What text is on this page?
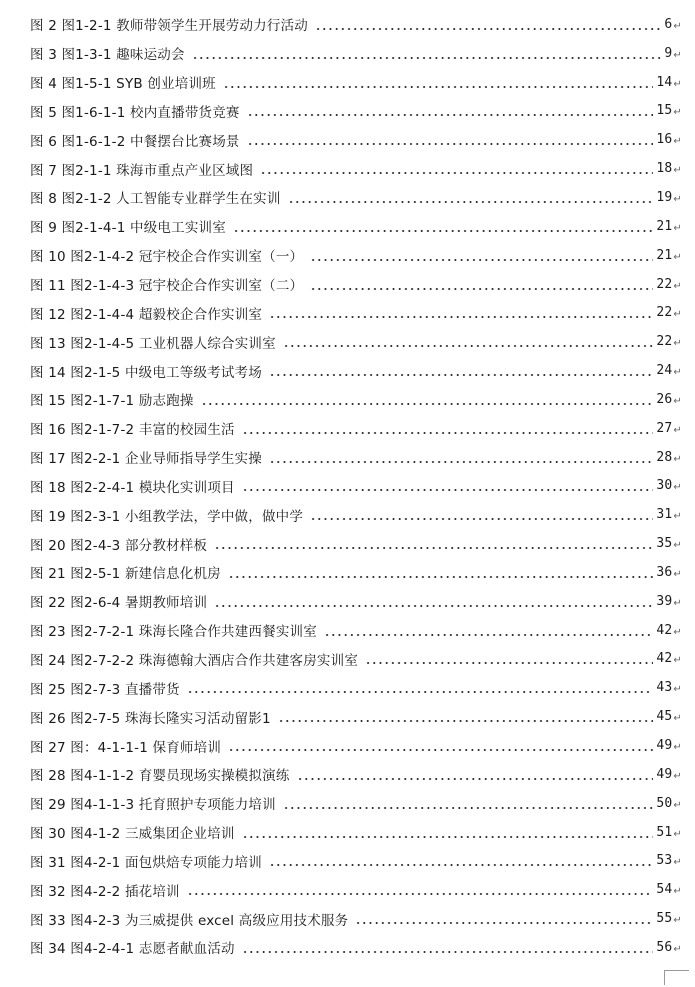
图 2 图1-2-1 教师带领学生开展劳动力行活动	6 ↵
图 3 图1-3-1 趣味运动会	9 ↵
图 4 图1-5-1 SYB 创业培训班	14 ↵
图 5 图1-6-1-1 校内直播带货竞赛	15 ↵
图 6 图1-6-1-2 中餐摆台比赛场景	16 ↵
图 7 图2-1-1 珠海市重点产业区域图	18 ↵
图 8 图2-1-2 人工智能专业群学生在实训	19 ↵
图 9 图2-1-4-1 中级电工实训室	21 ↵
图 10 图2-1-4-2 冠宇校企合作实训室（一）	21 ↵
图 11 图2-1-4-3 冠宇校企合作实训室（二）	22 ↵
图 12 图2-1-4-4 超毅校企合作实训室	22 ↵
图 13 图2-1-4-5 工业机器人综合实训室	22 ↵
图 14 图2-1-5 中级电工等级考试考场	24 ↵
图 15 图2-1-7-1 励志跑操	26 ↵
图 16 图2-1-7-2 丰富的校园生活	27 ↵
图 17 图2-2-1 企业导师指导学生实操	28 ↵
图 18 图2-2-4-1 模块化实训项目	30 ↵
图 19 图2-3-1 小组教学法，学中做，做中学	31 ↵
图 20 图2-4-3 部分教材样板	35 ↵
图 21 图2-5-1 新建信息化机房	36 ↵
图 22 图2-6-4 暑期教师培训	39 ↵
图 23 图2-7-2-1 珠海长隆合作共建西餐实训室	42 ↵
图 24 图2-7-2-2 珠海德翰大酒店合作共建客房实训室	42 ↵
图 25 图2-7-3 直播带货	43 ↵
图 26 图2-7-5 珠海长隆实习活动留影1	45 ↵
图 27 图：4-1-1-1 保育师培训	49 ↵
图 28 图4-1-1-2 育婴员现场实操模拟演练	49 ↵
图 29 图4-1-1-3 托育照护专项能力培训	50 ↵
图 30 图4-1-2 三威集团企业培训	51 ↵
图 31 图4-2-1 面包烘焙专项能力培训	53 ↵
图 32 图4-2-2 插花培训	54 ↵
图 33 图4-2-3 为三威提供 excel 高级应用技术服务	55 ↵
图 34 图4-2-4-1 志愿者献血活动	56 ↵
